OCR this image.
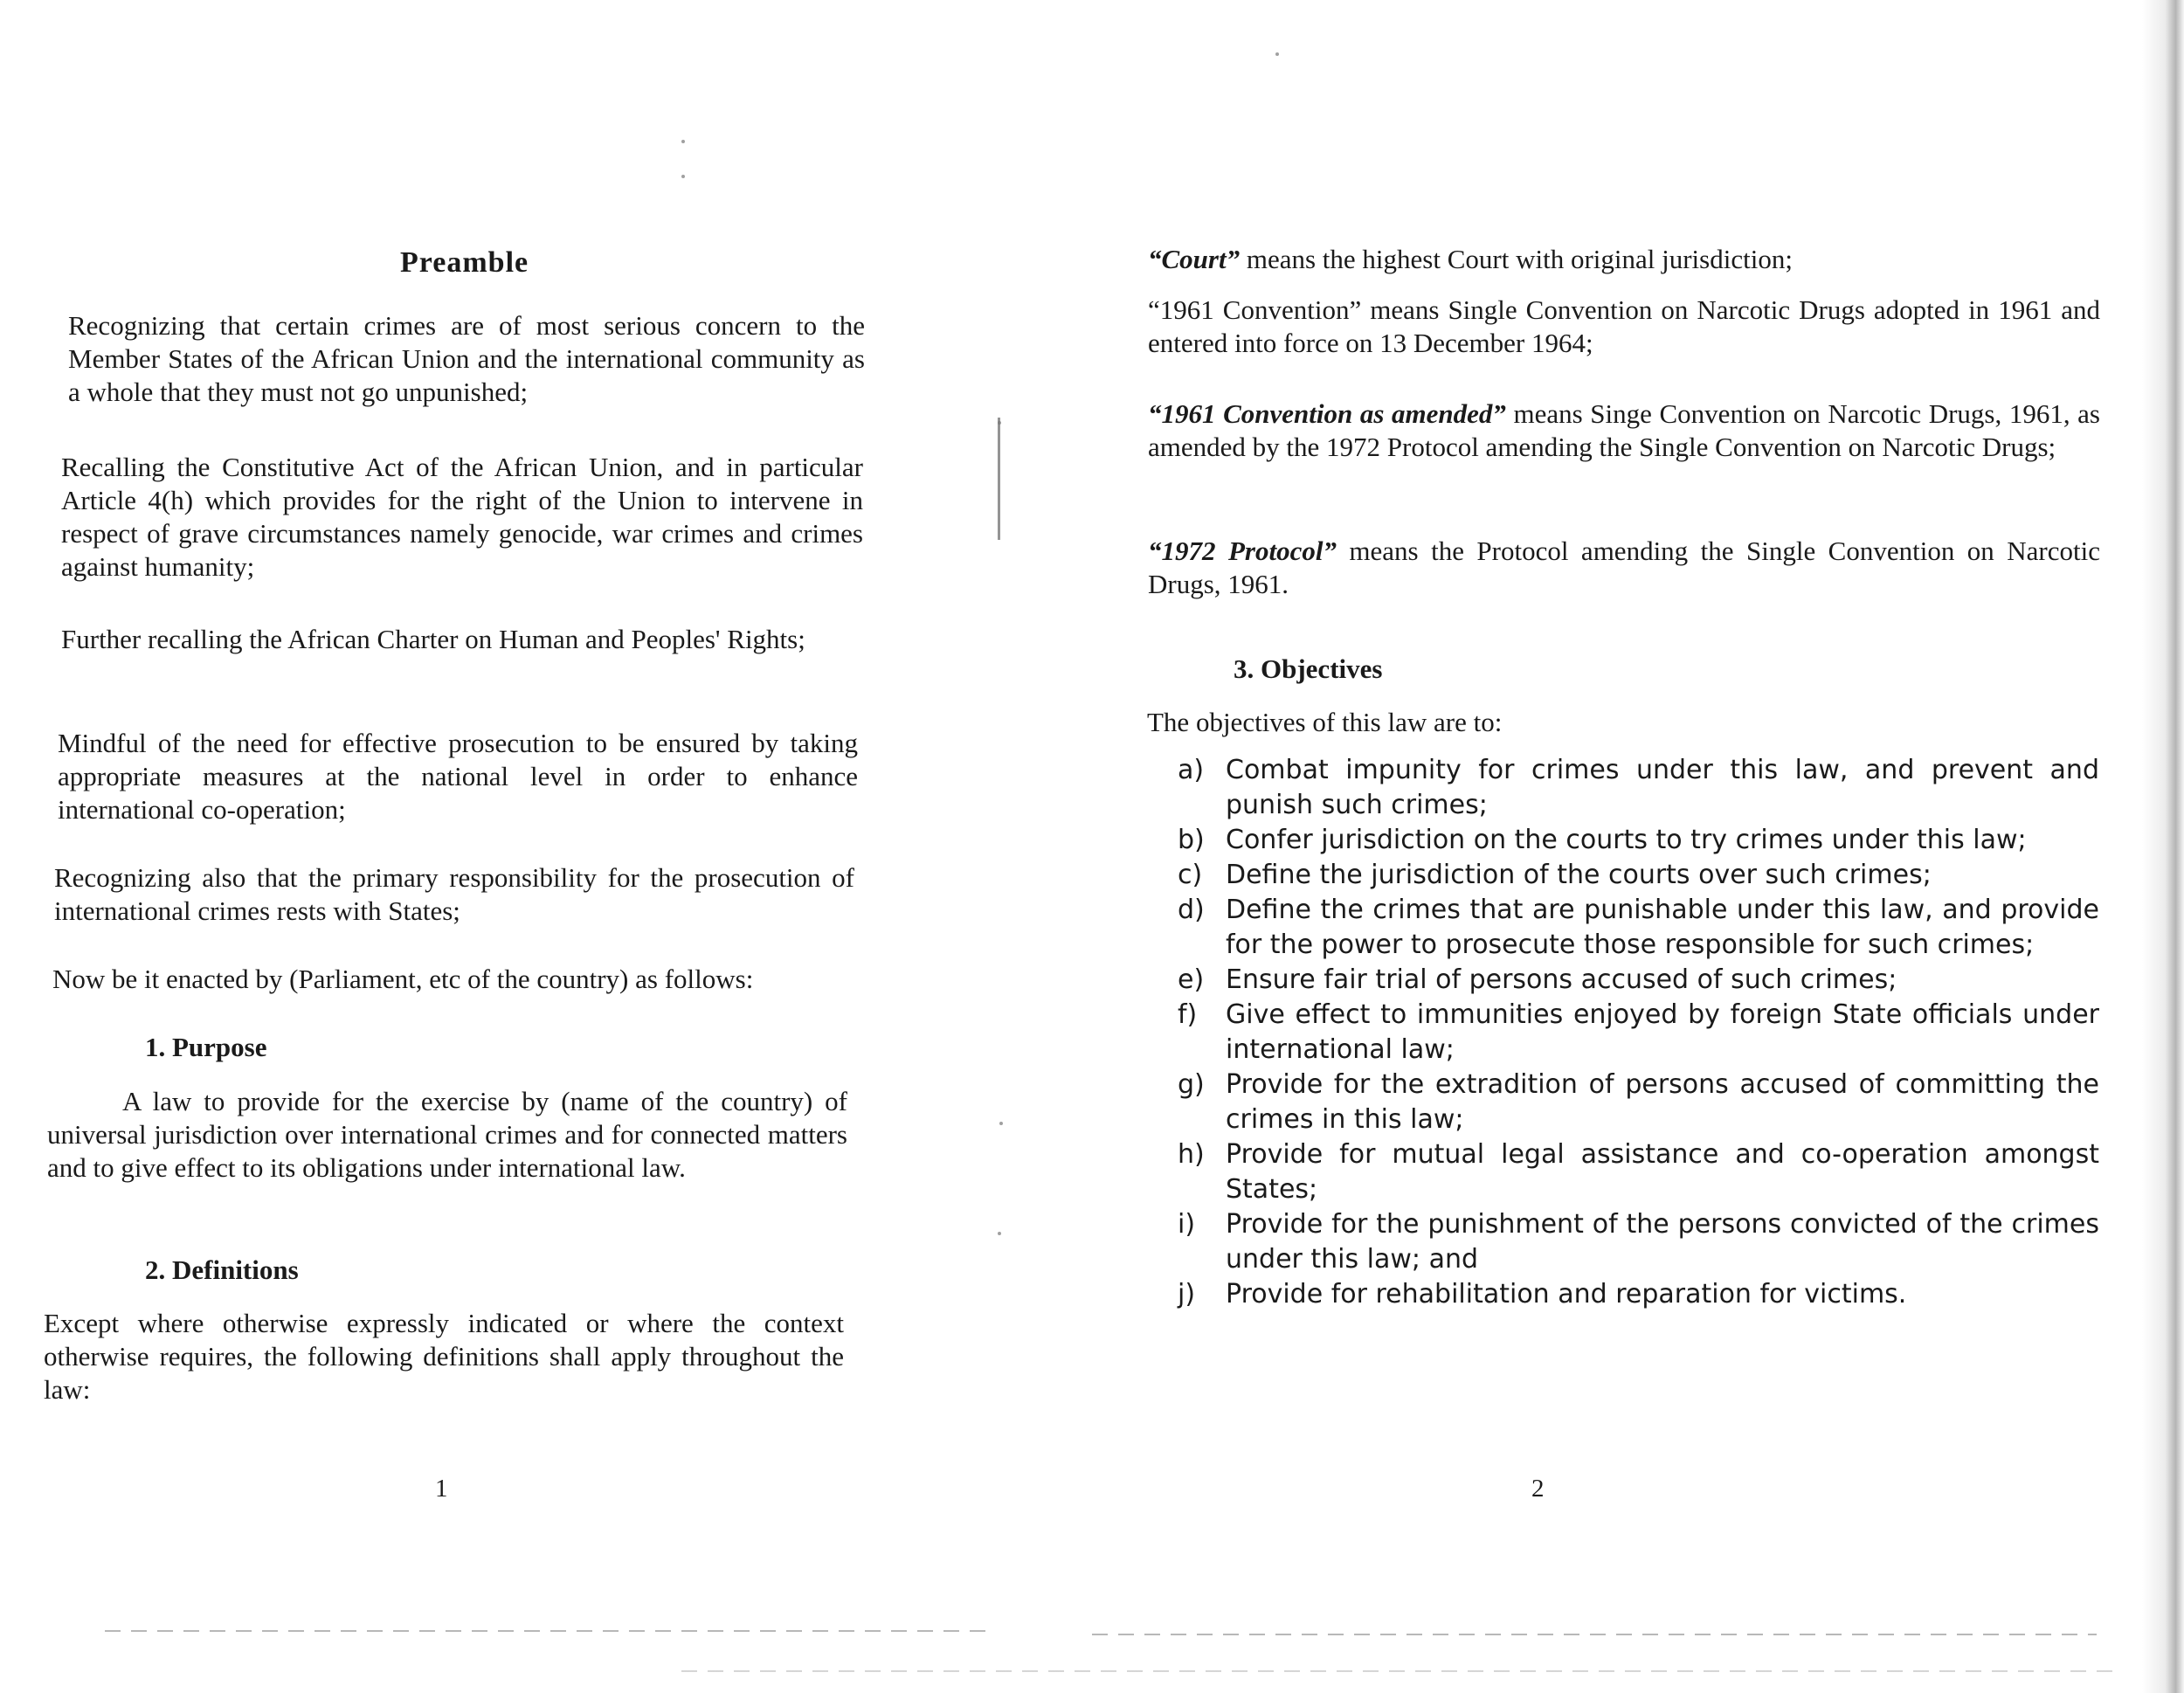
Preamble

Recognizing that certain crimes are of most serious concern to the Member States of the African Union and the international community as a whole that they must not go unpunished;

Recalling the Constitutive Act of the African Union, and in particular Article 4(h) which provides for the right of the Union to intervene in respect of grave circumstances namely genocide, war crimes and crimes against humanity;

Further recalling the African Charter on Human and Peoples' Rights;

Mindful of the need for effective prosecution to be ensured by taking appropriate measures at the national level in order to enhance international co-operation;

Recognizing also that the primary responsibility for the prosecution of international crimes rests with States;

Now be it enacted by (Parliament, etc of the country) as follows:

1. Purpose

A law to provide for the exercise by (name of the country) of universal jurisdiction over international crimes and for connected matters and to give effect to its obligations under international law.

2. Definitions

Except where otherwise expressly indicated or where the context otherwise requires, the following definitions shall apply throughout the law:

1

“Court” means the highest Court with original jurisdiction;

“1961 Convention” means Single Convention on Narcotic Drugs adopted in 1961 and entered into force on 13 December 1964;

“1961 Convention as amended” means Singe Convention on Narcotic Drugs, 1961, as amended by the 1972 Protocol amending the Single Convention on Narcotic Drugs;

“1972 Protocol” means the Protocol amending the Single Convention on Narcotic Drugs, 1961.

3. Objectives

The objectives of this law are to:

a) Combat impunity for crimes under this law, and prevent and punish such crimes;
b) Confer jurisdiction on the courts to try crimes under this law;
c) Define the jurisdiction of the courts over such crimes;
d) Define the crimes that are punishable under this law, and provide for the power to prosecute those responsible for such crimes;
e) Ensure fair trial of persons accused of such crimes;
f)	Give effect to immunities enjoyed by foreign State officials under international law;
g) Provide for the extradition of persons accused of committing the crimes in this law;
h) Provide for mutual legal assistance and co-operation amongst States;
i)	Provide for the punishment of the persons convicted of the crimes under this law; and
j)	Provide for rehabilitation and reparation for victims.
2
